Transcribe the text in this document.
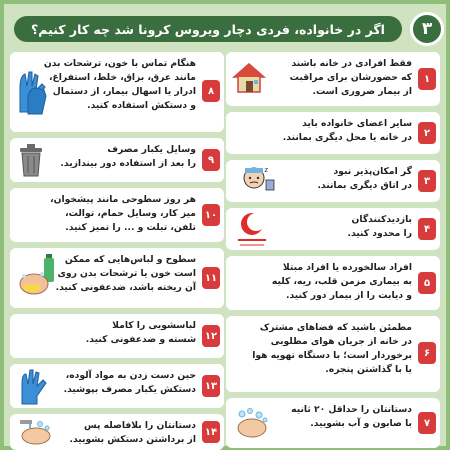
اگر در خانواده، فردی دچار ویروس کرونا شد چه کار کنیم؟	۳
۱
فقط افرادی در خانه باشند
که حضورشان برای مراقبت
از بیمار ضروری است.
۲
سایر اعضای خانواده باید
در خانه یا محل دیگری بمانند.
۳
گر امکان‌پذیر نبود
در اتاق دیگری بمانند.
z
۴
بازدیدکنندگان
را محدود کنید.
۵
افراد سالخورده یا افراد مبتلا
به بیماری مزمن قلب، ریه، کلیه
و دیابت را از بیمار دور کنید.
۶
مطمئن باشید که فضاهای مشترک
در خانه از جریان هوای مطلوبی
برخوردار است؛ با دستگاه تهویه هوا
یا با گذاشتن پنجره.
۷
دستانتان را حداقل ۲۰ ثانیه
با صابون و آب بشویید.
۸
هنگام تماس با خون، ترشحات بدن
مانند عرق، بزاق، خلط، استفراغ،
ادرار یا اسهال بیمار، از دستمال
و دستکش استفاده کنید.
۹
وسایل یکبار مصرف
را بعد از استفاده دور بیندازید.
۱۰
هر روز سطوحی مانند پیشخوان،
میز کار، وسایل حمام، توالت،
تلفن، تبلت و ... را تمیز کنید.
۱۱
سطوح و لباس‌هایی که ممکن
است خون یا ترشحات بدن روی
آن ریخته باشد، ضدعفونی کنید.
۱۲
لباسشویی را کاملا
شسته و ضدعفونی کنید.
۱۳
حین دست زدن به مواد آلوده،
دستکش یکبار مصرف بپوشید.
۱۴
دستانتان را بلافاصله پس
از برداشتن دستکش بشویید.
